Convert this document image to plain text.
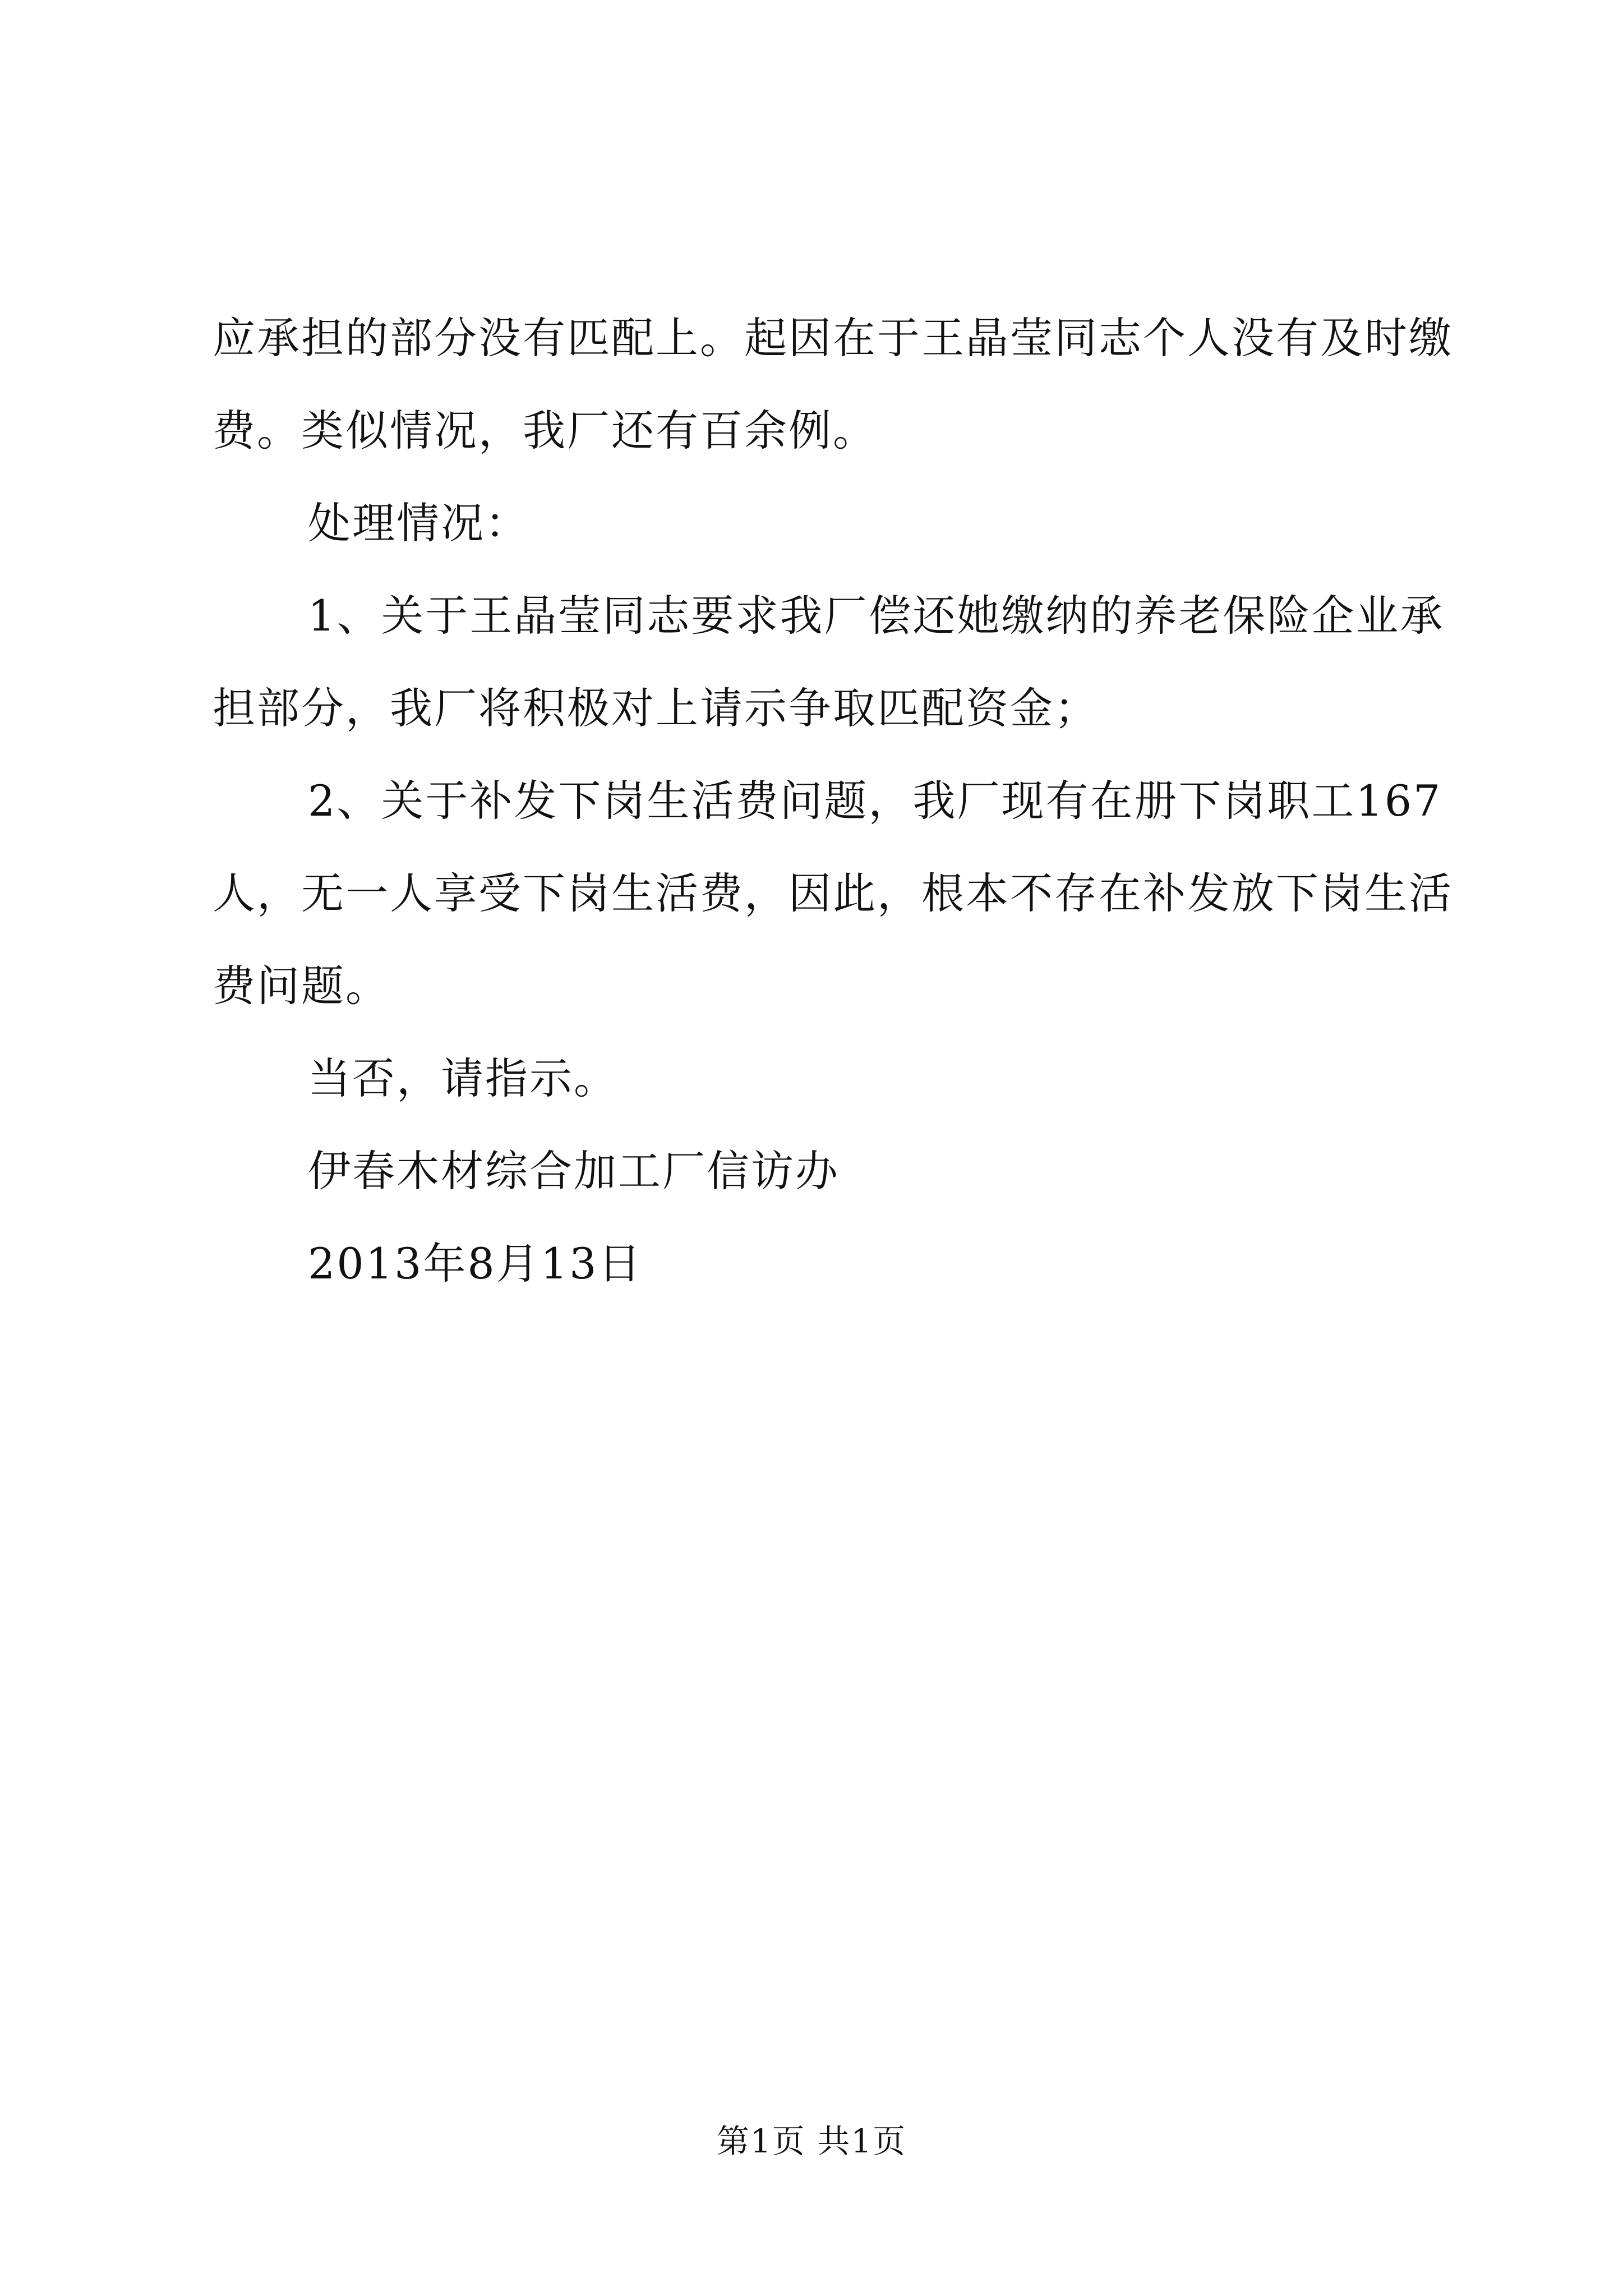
应承担的部分没有匹配上。起因在于王晶莹同志个人没有及时缴
费。类似情况，我厂还有百余例。
处理情况：
1、关于王晶莹同志要求我厂偿还她缴纳的养老保险企业承
担部分，我厂将积极对上请示争取匹配资金；
2、关于补发下岗生活费问题，我厂现有在册下岗职工167
人，无一人享受下岗生活费，因此，根本不存在补发放下岗生活
费问题。
当否，请指示。
伊春木材综合加工厂信访办
2013年8月13日
第1页 共1页
